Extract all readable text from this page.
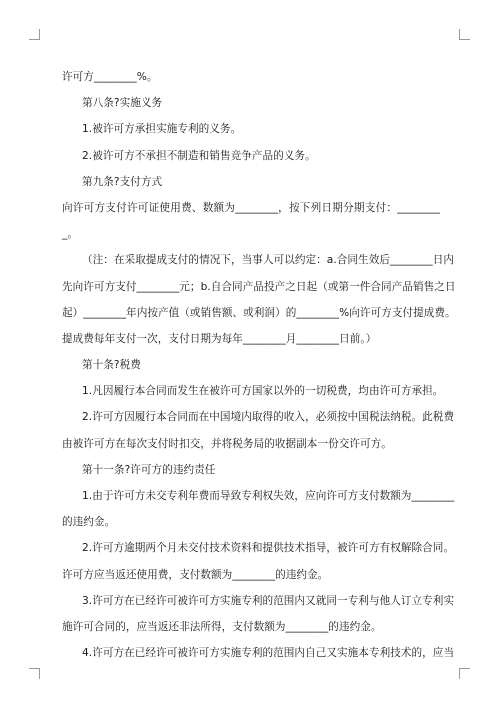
许可方________%。
第八条?实施义务
1.被许可方承担实施专利的义务。
2.被许可方不承担不制造和销售竞争产品的义务。
第九条?支付方式
向许可方支付许可证使用费、数额为________，按下列日期分期支付：________
_。
（注：在采取提成支付的情况下，当事人可以约定：a.合同生效后________日内
先向许可方支付________元；b.自合同产品投产之日起（或第一件合同产品销售之日
起）________年内按产值（或销售额、或利润）的________%向许可方支付提成费。
提成费每年支付一次，支付日期为每年________月________日前。）
第十条?税费
1.凡因履行本合同而发生在被许可方国家以外的一切税费，均由许可方承担。
2.许可方因履行本合同而在中国境内取得的收入，必须按中国税法纳税。此税费
由被许可方在每次支付时扣交，并将税务局的收据副本一份交许可方。
第十一条?许可方的违约责任
1.由于许可方未交专利年费而导致专利权失效，应向许可方支付数额为________
的违约金。
2.许可方逾期两个月未交付技术资料和提供技术指导，被许可方有权解除合同。
许可方应当返还使用费，支付数额为________的违约金。
3.许可方在已经许可被许可方实施专利的范围内又就同一专利与他人订立专利实
施许可合同的，应当返还非法所得，支付数额为________的违约金。
4.许可方在已经许可被许可方实施专利的范围内自己又实施本专利技术的，应当
